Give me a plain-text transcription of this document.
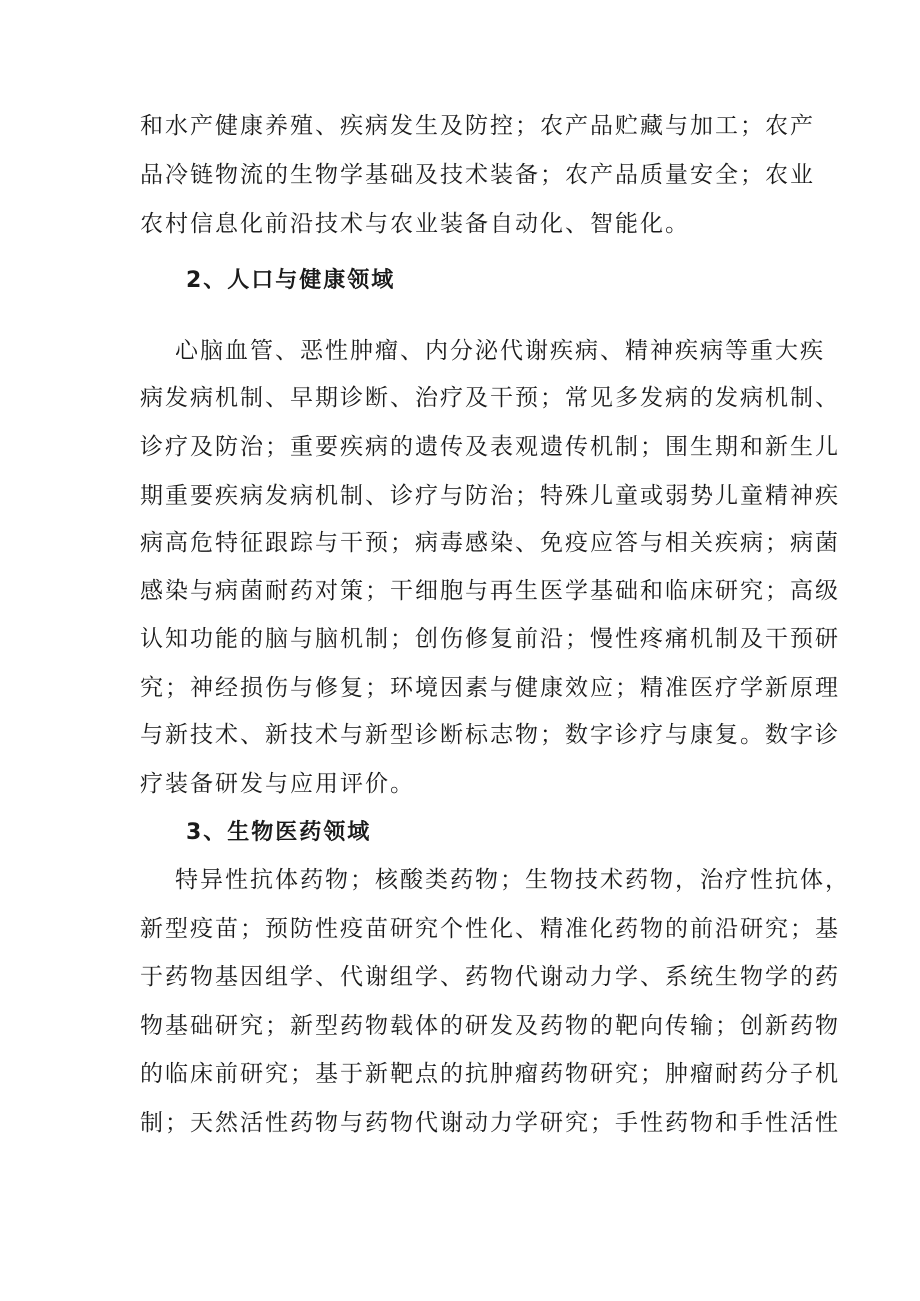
和水产健康养殖、疾病发生及防控；农产品贮藏与加工；农产
品冷链物流的生物学基础及技术装备；农产品质量安全；农业
农村信息化前沿技术与农业装备自动化、智能化。
2、人口与健康领域
心脑血管、恶性肿瘤、内分泌代谢疾病、精神疾病等重大疾
病发病机制、早期诊断、治疗及干预；常见多发病的发病机制、
诊疗及防治；重要疾病的遗传及表观遗传机制；围生期和新生儿
期重要疾病发病机制、诊疗与防治；特殊儿童或弱势儿童精神疾
病高危特征跟踪与干预；病毒感染、免疫应答与相关疾病；病菌
感染与病菌耐药对策；干细胞与再生医学基础和临床研究；高级
认知功能的脑与脑机制；创伤修复前沿；慢性疼痛机制及干预研
究；神经损伤与修复；环境因素与健康效应；精准医疗学新原理
与新技术、新技术与新型诊断标志物；数字诊疗与康复。数字诊
疗装备研发与应用评价。
3、生物医药领域
特异性抗体药物；核酸类药物；生物技术药物，治疗性抗体，
新型疫苗；预防性疫苗研究个性化、精准化药物的前沿研究；基
于药物基因组学、代谢组学、药物代谢动力学、系统生物学的药
物基础研究；新型药物载体的研发及药物的靶向传输；创新药物
的临床前研究；基于新靶点的抗肿瘤药物研究；肿瘤耐药分子机
制；天然活性药物与药物代谢动力学研究；手性药物和手性活性
